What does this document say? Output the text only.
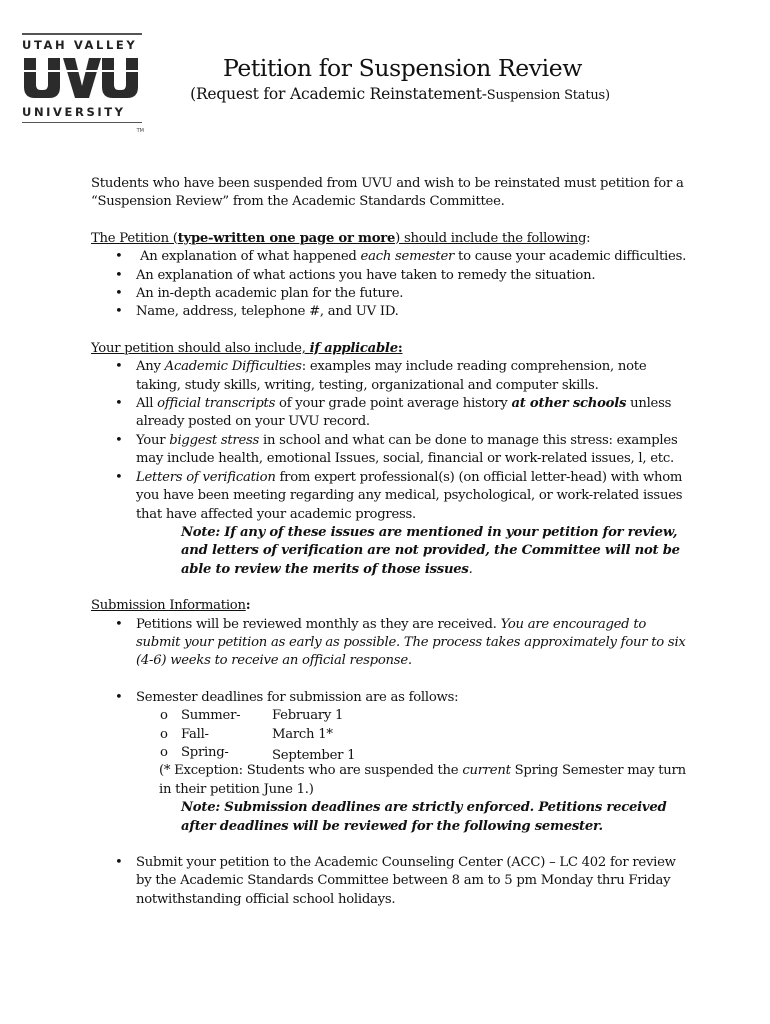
UTAH VALLEY
UNIVERSITY
TM
Petition for Suspension Review
(Request for Academic Reinstatement-Suspension Status)

Students who have been suspended from UVU and wish to be reinstated must petition for a “Suspension Review” from the Academic Standards Committee.

The Petition (type-written one page or more) should include the following:

• An explanation of what happened each semester to cause your academic difficulties.
• An explanation of what actions you have taken to remedy the situation.
• An in-depth academic plan for the future.
• Name, address, telephone #, and UV ID.

Your petition should also include, if applicable:

• Any Academic Difficulties: examples may include reading comprehension, note taking, study skills, writing, testing, organizational and computer skills.
• All official transcripts of your grade point average history at other schools unless already posted on your UVU record.
• Your biggest stress in school and what can be done to manage this stress: examples may include health, emotional Issues, social, financial or work-related issues, l, etc.
• Letters of verification from expert professional(s) (on official letter-head) with whom you have been meeting regarding any medical, psychological, or work-related issues that have affected your academic progress.

Note: If any of these issues are mentioned in your petition for review, and letters of verification are not provided, the Committee will not be able to review the merits of those issues.

Submission Information:

• Petitions will be reviewed monthly as they are received. You are encouraged to submit your petition as early as possible. The process takes approximately four to six (4-6) weeks to receive an official response.
• Semester deadlines for submission are as follows:
o Summer- February 1
o Fall-	March 1*
o Spring-	September 1

(* Exception: Students who are suspended the current Spring Semester may turn in their petition June 1.)

Note: Submission deadlines are strictly enforced. Petitions received after deadlines will be reviewed for the following semester.

• Submit your petition to the Academic Counseling Center (ACC) – LC 402 for review by the Academic Standards Committee between 8 am to 5 pm Monday thru Friday notwithstanding official school holidays.
